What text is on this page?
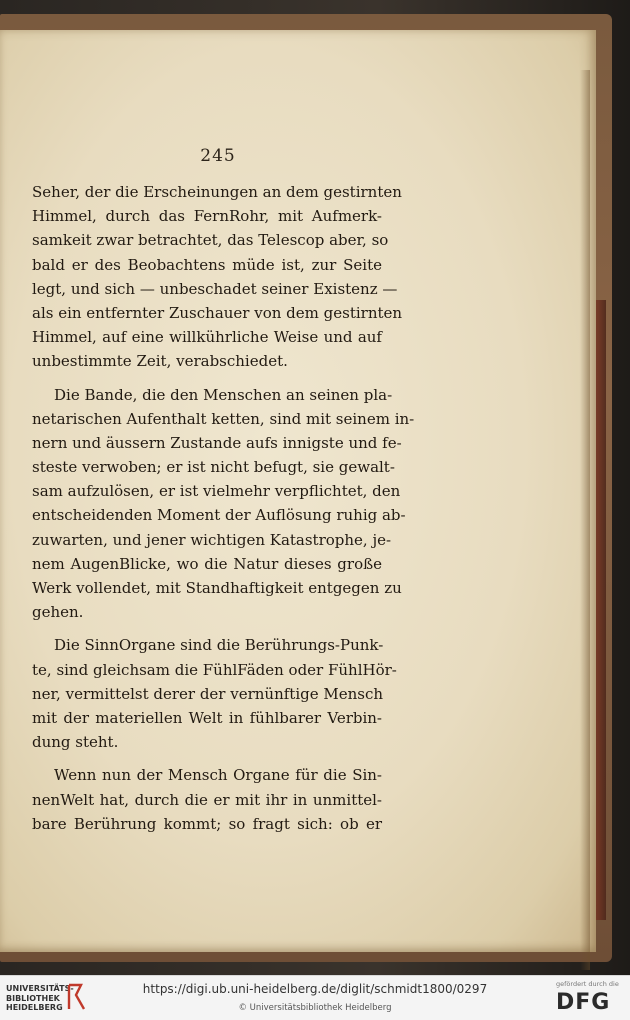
245
Seher, der die Erscheinungen an dem gestirnten
Himmel, durch das FernRohr, mit Aufmerk-
samkeit zwar betrachtet, das Telescop aber, so
bald er des Beobachtens müde ist, zur Seite
legt, und sich — unbeschadet seiner Existenz —
als ein entfernter Zuschauer von dem gestirnten
Himmel, auf eine willkührliche Weise und auf
unbestimmte Zeit, verabschiedet.
Die Bande, die den Menschen an seinen pla-
netarischen Aufenthalt ketten, sind mit seinem in-
nern und äussern Zustande aufs innigste und fe-
steste verwoben; er ist nicht befugt, sie gewalt-
sam aufzulösen, er ist vielmehr verpflichtet, den
entscheidenden Moment der Auflösung ruhig ab-
zuwarten, und jener wichtigen Katastrophe, je-
nem AugenBlicke, wo die Natur dieses große
Werk vollendet, mit Standhaftigkeit entgegen zu
gehen.
Die SinnOrgane sind die Berührungs-Punk-
te, sind gleichsam die FühlFäden oder FühlHör-
ner, vermittelst derer der vernünftige Mensch
mit der materiellen Welt in fühlbarer Verbin-
dung steht.
Wenn nun der Mensch Organe für die Sin-
nenWelt hat, durch die er mit ihr in unmittel-
bare Berührung kommt; so fragt sich: ob er
UNIVERSITÄTS-
BIBLIOTHEK
HEIDELBERG
https://digi.ub.uni-heidelberg.de/diglit/schmidt1800/0297
© Universitätsbibliothek Heidelberg
gefördert durch die
DFG
